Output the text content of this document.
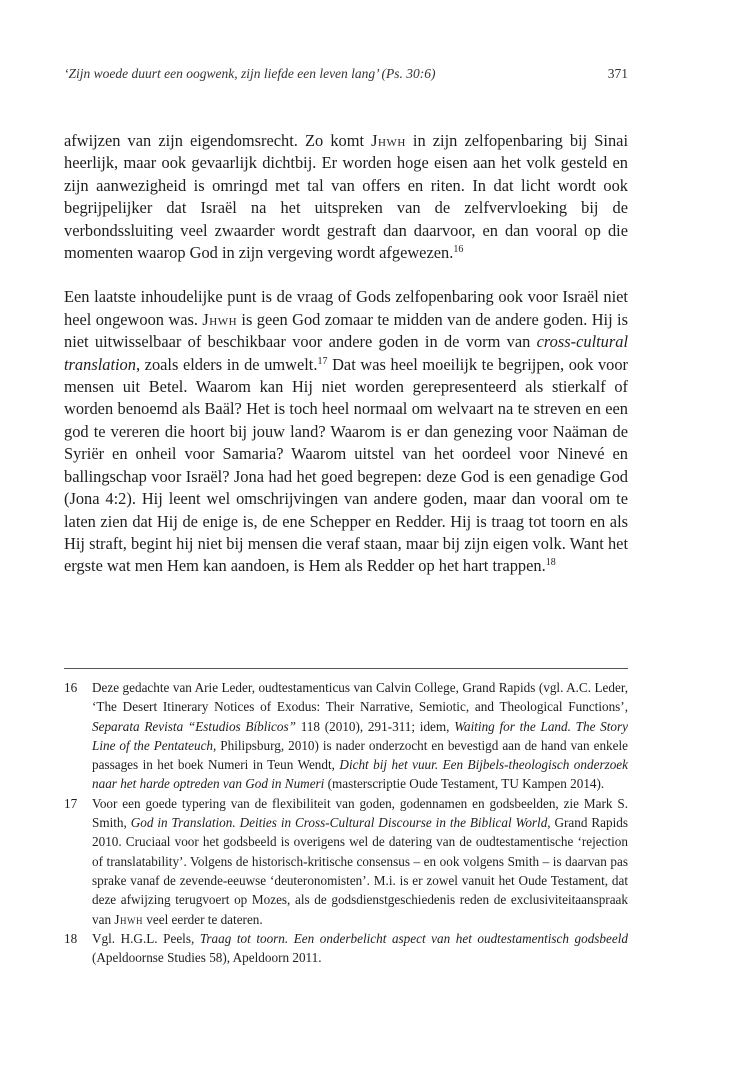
‘Zijn woede duurt een oogwenk, zijn liefde een leven lang’ (Ps. 30:6)	371

afwijzen van zijn eigendomsrecht. Zo komt Jhwh in zijn zelfopenbaring bij Sinai heerlijk, maar ook gevaarlijk dichtbij. Er worden hoge eisen aan het volk gesteld en zijn aanwezigheid is omringd met tal van offers en riten. In dat licht wordt ook begrijpelijker dat Israël na het uitspreken van de zelfvervloeking bij de verbondssluiting veel zwaarder wordt gestraft dan daarvoor, en dan vooral op die momenten waarop God in zijn vergeving wordt afgewezen.$^{16}$

Een laatste inhoudelijke punt is de vraag of Gods zelfopenbaring ook voor Israël niet heel ongewoon was. Jhwh is geen God zomaar te midden van de andere goden. Hij is niet uitwisselbaar of beschikbaar voor andere goden in de vorm van cross-cultural translation, zoals elders in de umwelt.$^{17}$ Dat was heel moeilijk te begrijpen, ook voor mensen uit Betel. Waarom kan Hij niet worden gerepresenteerd als stierkalf of worden benoemd als Baäl? Het is toch heel normaal om welvaart na te streven en een god te vereren die hoort bij jouw land? Waarom is er dan genezing voor Naäman de Syriër en onheil voor Samaria? Waarom uitstel van het oordeel voor Ninevé en ballingschap voor Israël? Jona had het goed begrepen: deze God is een genadige God (Jona 4:2). Hij leent wel omschrijvingen van andere goden, maar dan vooral om te laten zien dat Hij de enige is, de ene Schepper en Redder. Hij is traag tot toorn en als Hij straft, begint hij niet bij mensen die veraf staan, maar bij zijn eigen volk. Want het ergste wat men Hem kan aandoen, is Hem als Redder op het hart trappen.$^{18}$

16 Deze gedachte van Arie Leder, oudtestamenticus van Calvin College, Grand Rapids (vgl. A.C. Leder, ‘The Desert Itinerary Notices of Exodus: Their Narrative, Semiotic, and Theological Functions’, Separata Revista “Estudios Bíblicos” 118 (2010), 291-311; idem, Waiting for the Land. The Story Line of the Pentateuch, Philipsburg, 2010) is nader onderzocht en bevestigd aan de hand van enkele passages in het boek Numeri in Teun Wendt, Dicht bij het vuur. Een Bijbels-theologisch onderzoek naar het harde optreden van God in Numeri (masterscriptie Oude Testament, TU Kampen 2014).

17 Voor een goede typering van de flexibiliteit van goden, godennamen en godsbeelden, zie Mark S. Smith, God in Translation. Deities in Cross-Cultural Discourse in the Biblical World, Grand Rapids 2010. Cruciaal voor het godsbeeld is overigens wel de datering van de oudtestamentische ‘rejection of translatability’. Volgens de historisch-kritische consensus – en ook volgens Smith – is daarvan pas sprake vanaf de zevende-eeuwse ‘deuteronomisten’. M.i. is er zowel vanuit het Oude Testament, dat deze afwijzing terugvoert op Mozes, als de godsdienstgeschiedenis reden de exclusiviteitaanspraak van Jhwh veel eerder te dateren.

18 Vgl. H.G.L. Peels, Traag tot toorn. Een onderbelicht aspect van het oudtestamentisch godsbeeld (Apeldoornse Studies 58), Apeldoorn 2011.
